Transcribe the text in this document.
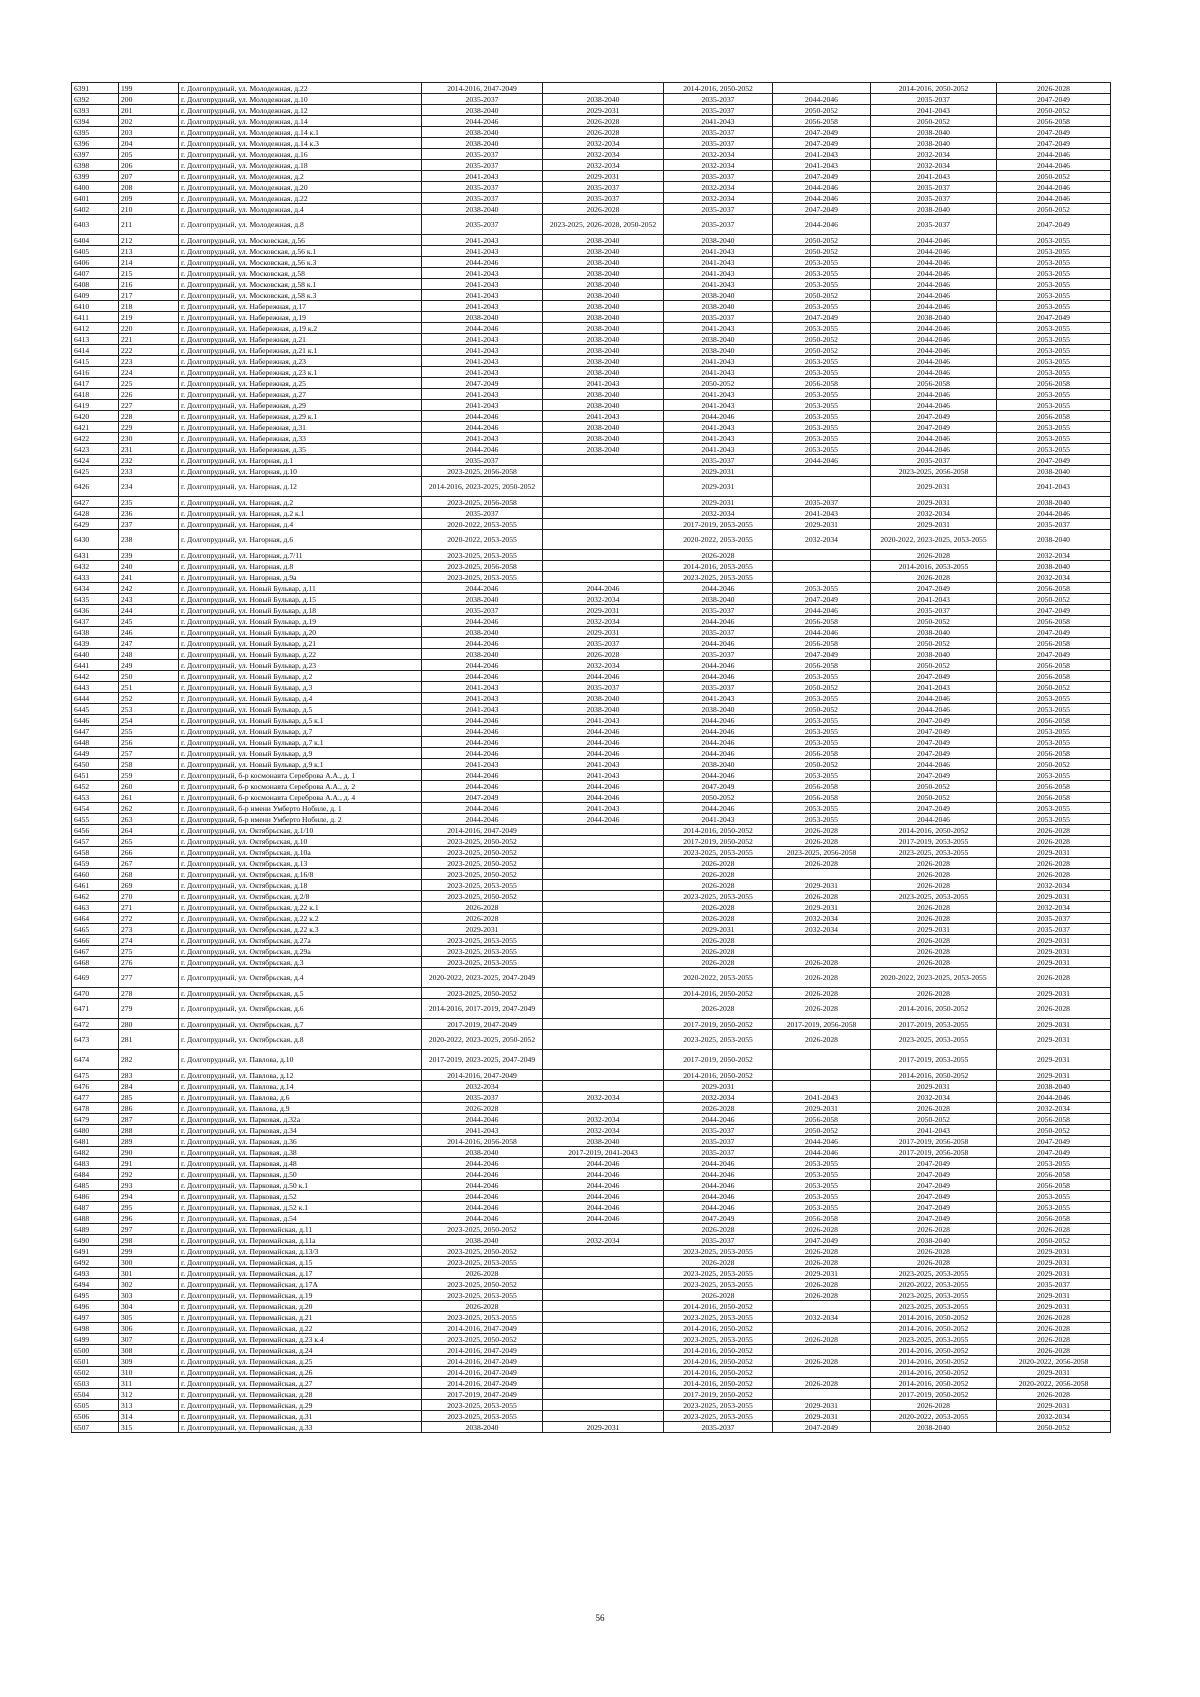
6391	199	г. Долгопрудный, ул. Молодежная, д.22	2014-2016, 2047-2049		2014-2016, 2050-2052		2014-2016, 2050-2052	2026-2028
6392	200	г. Долгопрудный, ул. Молодежная, д.10	2035-2037	2038-2040	2035-2037	2044-2046	2035-2037	2047-2049
6393	201	г. Долгопрудный, ул. Молодежная, д.12	2038-2040	2029-2031	2035-2037	2050-2052	2041-2043	2050-2052
6394	202	г. Долгопрудный, ул. Молодежная, д.14	2044-2046	2026-2028	2041-2043	2056-2058	2050-2052	2056-2058
6395	203	г. Долгопрудный, ул. Молодежная, д.14 к.1	2038-2040	2026-2028	2035-2037	2047-2049	2038-2040	2047-2049
6396	204	г. Долгопрудный, ул. Молодежная, д.14 к.3	2038-2040	2032-2034	2035-2037	2047-2049	2038-2040	2047-2049
6397	205	г. Долгопрудный, ул. Молодежная, д.16	2035-2037	2032-2034	2032-2034	2041-2043	2032-2034	2044-2046
6398	206	г. Долгопрудный, ул. Молодежная, д.18	2035-2037	2032-2034	2032-2034	2041-2043	2032-2034	2044-2046
6399	207	г. Долгопрудный, ул. Молодежная, д.2	2041-2043	2029-2031	2035-2037	2047-2049	2041-2043	2050-2052
6400	208	г. Долгопрудный, ул. Молодежная, д.20	2035-2037	2035-2037	2032-2034	2044-2046	2035-2037	2044-2046
6401	209	г. Долгопрудный, ул. Молодежная, д.22	2035-2037	2035-2037	2032-2034	2044-2046	2035-2037	2044-2046
6402	210	г. Долгопрудный, ул. Молодежная, д.4	2038-2040	2026-2028	2035-2037	2047-2049	2038-2040	2050-2052
6403	211	г. Долгопрудный, ул. Молодежная, д.8	2035-2037	2023-2025, 2026-2028, 2050-2052	2035-2037	2044-2046	2035-2037	2047-2049
6404	212	г. Долгопрудный, ул. Московская, д.56	2041-2043	2038-2040	2038-2040	2050-2052	2044-2046	2053-2055
6405	213	г. Долгопрудный, ул. Московская, д.56 к.1	2041-2043	2038-2040	2041-2043	2050-2052	2044-2046	2053-2055
6406	214	г. Долгопрудный, ул. Московская, д.56 к.3	2044-2046	2038-2040	2041-2043	2053-2055	2044-2046	2053-2055
6407	215	г. Долгопрудный, ул. Московская, д.58	2041-2043	2038-2040	2041-2043	2053-2055	2044-2046	2053-2055
6408	216	г. Долгопрудный, ул. Московская, д.58 к.1	2041-2043	2038-2040	2041-2043	2053-2055	2044-2046	2053-2055
6409	217	г. Долгопрудный, ул. Московская, д.58 к.3	2041-2043	2038-2040	2038-2040	2050-2052	2044-2046	2053-2055
6410	218	г. Долгопрудный, ул. Набережная, д.17	2041-2043	2038-2040	2038-2040	2053-2055	2044-2046	2053-2055
6411	219	г. Долгопрудный, ул. Набережная, д.19	2038-2040	2038-2040	2035-2037	2047-2049	2038-2040	2047-2049
6412	220	г. Долгопрудный, ул. Набережная, д.19 к.2	2044-2046	2038-2040	2041-2043	2053-2055	2044-2046	2053-2055
6413	221	г. Долгопрудный, ул. Набережная, д.21	2041-2043	2038-2040	2038-2040	2050-2052	2044-2046	2053-2055
6414	222	г. Долгопрудный, ул. Набережная, д.21 к.1	2041-2043	2038-2040	2038-2040	2050-2052	2044-2046	2053-2055
6415	223	г. Долгопрудный, ул. Набережная, д.23	2041-2043	2038-2040	2041-2043	2053-2055	2044-2046	2053-2055
6416	224	г. Долгопрудный, ул. Набережная, д.23 к.1	2041-2043	2038-2040	2041-2043	2053-2055	2044-2046	2053-2055
6417	225	г. Долгопрудный, ул. Набережная, д.25	2047-2049	2041-2043	2050-2052	2056-2058	2056-2058	2056-2058
6418	226	г. Долгопрудный, ул. Набережная, д.27	2041-2043	2038-2040	2041-2043	2053-2055	2044-2046	2053-2055
6419	227	г. Долгопрудный, ул. Набережная, д.29	2041-2043	2038-2040	2041-2043	2053-2055	2044-2046	2053-2055
6420	228	г. Долгопрудный, ул. Набережная, д.29 к.1	2044-2046	2041-2043	2044-2046	2053-2055	2047-2049	2056-2058
6421	229	г. Долгопрудный, ул. Набережная, д.31	2044-2046	2038-2040	2041-2043	2053-2055	2047-2049	2053-2055
6422	230	г. Долгопрудный, ул. Набережная, д.33	2041-2043	2038-2040	2041-2043	2053-2055	2044-2046	2053-2055
6423	231	г. Долгопрудный, ул. Набережная, д.35	2044-2046	2038-2040	2041-2043	2053-2055	2044-2046	2053-2055
6424	232	г. Долгопрудный, ул. Нагорная, д.1	2035-2037		2035-2037	2044-2046	2035-2037	2047-2049
6425	233	г. Долгопрудный, ул. Нагорная, д.10	2023-2025, 2056-2058		2029-2031		2023-2025, 2056-2058	2038-2040
6426	234	г. Долгопрудный, ул. Нагорная, д.12	2014-2016, 2023-2025, 2050-2052		2029-2031		2029-2031	2041-2043
6427	235	г. Долгопрудный, ул. Нагорная, д.2	2023-2025, 2056-2058		2029-2031	2035-2037	2029-2031	2038-2040
6428	236	г. Долгопрудный, ул. Нагорная, д.2 к.1	2035-2037		2032-2034	2041-2043	2032-2034	2044-2046
6429	237	г. Долгопрудный, ул. Нагорная, д.4	2020-2022, 2053-2055		2017-2019, 2053-2055	2029-2031	2029-2031	2035-2037
6430	238	г. Долгопрудный, ул. Нагорная, д.6	2020-2022, 2053-2055		2020-2022, 2053-2055	2032-2034	2020-2022, 2023-2025, 2053-2055	2038-2040
6431	239	г. Долгопрудный, ул. Нагорная, д.7/11	2023-2025, 2053-2055		2026-2028		2026-2028	2032-2034
6432	240	г. Долгопрудный, ул. Нагорная, д.8	2023-2025, 2056-2058		2014-2016, 2053-2055		2014-2016, 2053-2055	2038-2040
6433	241	г. Долгопрудный, ул. Нагорная, д.9а	2023-2025, 2053-2055		2023-2025, 2053-2055		2026-2028	2032-2034
6434	242	г. Долгопрудный, ул. Новый Бульвар, д.11	2044-2046	2044-2046	2044-2046	2053-2055	2047-2049	2056-2058
6435	243	г. Долгопрудный, ул. Новый Бульвар, д.15	2038-2040	2032-2034	2038-2040	2047-2049	2041-2043	2050-2052
6436	244	г. Долгопрудный, ул. Новый Бульвар, д.18	2035-2037	2029-2031	2035-2037	2044-2046	2035-2037	2047-2049
6437	245	г. Долгопрудный, ул. Новый Бульвар, д.19	2044-2046	2032-2034	2044-2046	2056-2058	2050-2052	2056-2058
6438	246	г. Долгопрудный, ул. Новый Бульвар, д.20	2038-2040	2029-2031	2035-2037	2044-2046	2038-2040	2047-2049
6439	247	г. Долгопрудный, ул. Новый Бульвар, д.21	2044-2046	2035-2037	2044-2046	2056-2058	2050-2052	2056-2058
6440	248	г. Долгопрудный, ул. Новый Бульвар, д.22	2038-2040	2026-2028	2035-2037	2047-2049	2038-2040	2047-2049
6441	249	г. Долгопрудный, ул. Новый Бульвар, д.23	2044-2046	2032-2034	2044-2046	2056-2058	2050-2052	2056-2058
6442	250	г. Долгопрудный, ул. Новый Бульвар, д.2	2044-2046	2044-2046	2044-2046	2053-2055	2047-2049	2056-2058
6443	251	г. Долгопрудный, ул. Новый Бульвар, д.3	2041-2043	2035-2037	2035-2037	2050-2052	2041-2043	2050-2052
6444	252	г. Долгопрудный, ул. Новый Бульвар, д.4	2041-2043	2038-2040	2041-2043	2053-2055	2044-2046	2053-2055
6445	253	г. Долгопрудный, ул. Новый Бульвар, д.5	2041-2043	2038-2040	2038-2040	2050-2052	2044-2046	2053-2055
6446	254	г. Долгопрудный, ул. Новый Бульвар, д.5 к.1	2044-2046	2041-2043	2044-2046	2053-2055	2047-2049	2056-2058
6447	255	г. Долгопрудный, ул. Новый Бульвар, д.7	2044-2046	2044-2046	2044-2046	2053-2055	2047-2049	2053-2055
6448	256	г. Долгопрудный, ул. Новый Бульвар, д.7 к.1	2044-2046	2044-2046	2044-2046	2053-2055	2047-2049	2053-2055
6449	257	г. Долгопрудный, ул. Новый Бульвар, д.9	2044-2046	2044-2046	2044-2046	2056-2058	2047-2049	2056-2058
6450	258	г. Долгопрудный, ул. Новый Бульвар, д.9 к.1	2041-2043	2041-2043	2038-2040	2050-2052	2044-2046	2050-2052
6451	259	г. Долгопрудный, б-р космонавта Сереброва А.А., д. 1	2044-2046	2041-2043	2044-2046	2053-2055	2047-2049	2053-2055
6452	260	г. Долгопрудный, б-р космонавта Сереброва А.А., д. 2	2044-2046	2044-2046	2047-2049	2056-2058	2050-2052	2056-2058
6453	261	г. Долгопрудный, б-р космонавта Сереброва А.А., д. 4	2047-2049	2044-2046	2050-2052	2056-2058	2050-2052	2056-2058
6454	262	г. Долгопрудный, б-р имени Умберто Нобиле, д. 1	2044-2046	2041-2043	2044-2046	2053-2055	2047-2049	2053-2055
6455	263	г. Долгопрудный, б-р имени Умберто Нобиле, д. 2	2044-2046	2044-2046	2041-2043	2053-2055	2044-2046	2053-2055
6456	264	г. Долгопрудный, ул. Октябрьская, д.1/10	2014-2016, 2047-2049		2014-2016, 2050-2052	2026-2028	2014-2016, 2050-2052	2026-2028
6457	265	г. Долгопрудный, ул. Октябрьская, д.10	2023-2025, 2050-2052		2017-2019, 2050-2052	2026-2028	2017-2019, 2053-2055	2026-2028
6458	266	г. Долгопрудный, ул. Октябрьская, д.10а	2023-2025, 2050-2052		2023-2025, 2053-2055	2023-2025, 2056-2058	2023-2025, 2053-2055	2029-2031
6459	267	г. Долгопрудный, ул. Октябрьская, д.13	2023-2025, 2050-2052		2026-2028	2026-2028	2026-2028	2026-2028
6460	268	г. Долгопрудный, ул. Октябрьская, д.16/8	2023-2025, 2050-2052		2026-2028		2026-2028	2026-2028
6461	269	г. Долгопрудный, ул. Октябрьская, д.18	2023-2025, 2053-2055		2026-2028	2029-2031	2026-2028	2032-2034
6462	270	г. Долгопрудный, ул. Октябрьская, д.2/8	2023-2025, 2050-2052		2023-2025, 2053-2055	2026-2028	2023-2025, 2053-2055	2029-2031
6463	271	г. Долгопрудный, ул. Октябрьская, д.22 к.1	2026-2028		2026-2028	2029-2031	2026-2028	2032-2034
6464	272	г. Долгопрудный, ул. Октябрьская, д.22 к.2	2026-2028		2026-2028	2032-2034	2026-2028	2035-2037
6465	273	г. Долгопрудный, ул. Октябрьская, д.22 к.3	2029-2031		2029-2031	2032-2034	2029-2031	2035-2037
6466	274	г. Долгопрудный, ул. Октябрьская, д.27а	2023-2025, 2053-2055		2026-2028		2026-2028	2029-2031
6467	275	г. Долгопрудный, ул. Октябрьская, д.29а	2023-2025, 2053-2055		2026-2028		2026-2028	2029-2031
6468	276	г. Долгопрудный, ул. Октябрьская, д.3	2023-2025, 2053-2055		2026-2028	2026-2028	2026-2028	2029-2031
6469	277	г. Долгопрудный, ул. Октябрьская, д.4	2020-2022, 2023-2025, 2047-2049		2020-2022, 2053-2055	2026-2028	2020-2022, 2023-2025, 2053-2055	2026-2028
6470	278	г. Долгопрудный, ул. Октябрьская, д.5	2023-2025, 2050-2052		2014-2016, 2050-2052	2026-2028	2026-2028	2029-2031
6471	279	г. Долгопрудный, ул. Октябрьская, д.6	2014-2016, 2017-2019, 2047-2049		2026-2028	2026-2028	2014-2016, 2050-2052	2026-2028
6472	280	г. Долгопрудный, ул. Октябрьская, д.7	2017-2019, 2047-2049		2017-2019, 2050-2052	2017-2019, 2056-2058	2017-2019, 2053-2055	2029-2031
6473	281	г. Долгопрудный, ул. Октябрьская, д.8	2020-2022, 2023-2025, 2050-2052		2023-2025, 2053-2055	2026-2028	2023-2025, 2053-2055	2029-2031
6474	282	г. Долгопрудный, ул. Павлова, д.10	2017-2019, 2023-2025, 2047-2049		2017-2019, 2050-2052		2017-2019, 2053-2055	2029-2031
6475	283	г. Долгопрудный, ул. Павлова, д.12	2014-2016, 2047-2049		2014-2016, 2050-2052		2014-2016, 2050-2052	2029-2031
6476	284	г. Долгопрудный, ул. Павлова, д.14	2032-2034		2029-2031		2029-2031	2038-2040
6477	285	г. Долгопрудный, ул. Павлова, д.6	2035-2037	2032-2034	2032-2034	2041-2043	2032-2034	2044-2046
6478	286	г. Долгопрудный, ул. Павлова, д.9	2026-2028		2026-2028	2029-2031	2026-2028	2032-2034
6479	287	г. Долгопрудный, ул. Парковая, д.32а	2044-2046	2032-2034	2044-2046	2056-2058	2050-2052	2056-2058
6480	288	г. Долгопрудный, ул. Парковая, д.34	2041-2043	2032-2034	2035-2037	2050-2052	2041-2043	2050-2052
6481	289	г. Долгопрудный, ул. Парковая, д.36	2014-2016, 2056-2058	2038-2040	2035-2037	2044-2046	2017-2019, 2056-2058	2047-2049
6482	290	г. Долгопрудный, ул. Парковая, д.38	2038-2040	2017-2019, 2041-2043	2035-2037	2044-2046	2017-2019, 2056-2058	2047-2049
6483	291	г. Долгопрудный, ул. Парковая, д.48	2044-2046	2044-2046	2044-2046	2053-2055	2047-2049	2053-2055
6484	292	г. Долгопрудный, ул. Парковая, д.50	2044-2046	2044-2046	2044-2046	2053-2055	2047-2049	2056-2058
6485	293	г. Долгопрудный, ул. Парковая, д.50 к.1	2044-2046	2044-2046	2044-2046	2053-2055	2047-2049	2056-2058
6486	294	г. Долгопрудный, ул. Парковая, д.52	2044-2046	2044-2046	2044-2046	2053-2055	2047-2049	2053-2055
6487	295	г. Долгопрудный, ул. Парковая, д.52 к.1	2044-2046	2044-2046	2044-2046	2053-2055	2047-2049	2053-2055
6488	296	г. Долгопрудный, ул. Парковая, д.54	2044-2046	2044-2046	2047-2049	2056-2058	2047-2049	2056-2058
6489	297	г. Долгопрудный, ул. Первомайская, д.11	2023-2025, 2050-2052		2026-2028	2026-2028	2026-2028	2026-2028
6490	298	г. Долгопрудный, ул. Первомайская, д.11а	2038-2040	2032-2034	2035-2037	2047-2049	2038-2040	2050-2052
6491	299	г. Долгопрудный, ул. Первомайская, д.13/3	2023-2025, 2050-2052		2023-2025, 2053-2055	2026-2028	2026-2028	2029-2031
6492	300	г. Долгопрудный, ул. Первомайская, д.15	2023-2025, 2053-2055		2026-2028	2026-2028	2026-2028	2029-2031
6493	301	г. Долгопрудный, ул. Первомайская, д.17	2026-2028		2023-2025, 2053-2055	2029-2031	2023-2025, 2053-2055	2029-2031
6494	302	г. Долгопрудный, ул. Первомайская, д.17А	2023-2025, 2050-2052		2023-2025, 2053-2055	2026-2028	2020-2022, 2053-2055	2035-2037
6495	303	г. Долгопрудный, ул. Первомайская, д.19	2023-2025, 2053-2055		2026-2028	2026-2028	2023-2025, 2053-2055	2029-2031
6496	304	г. Долгопрудный, ул. Первомайская, д.20	2026-2028		2014-2016, 2050-2052		2023-2025, 2053-2055	2029-2031
6497	305	г. Долгопрудный, ул. Первомайская, д.21	2023-2025, 2053-2055		2023-2025, 2053-2055	2032-2034	2014-2016, 2050-2052	2026-2028
6498	306	г. Долгопрудный, ул. Первомайская, д.22	2014-2016, 2047-2049		2014-2016, 2050-2052		2014-2016, 2050-2052	2026-2028
6499	307	г. Долгопрудный, ул. Первомайская, д.23 к.4	2023-2025, 2050-2052		2023-2025, 2053-2055	2026-2028	2023-2025, 2053-2055	2026-2028
6500	308	г. Долгопрудный, ул. Первомайская, д.24	2014-2016, 2047-2049		2014-2016, 2050-2052		2014-2016, 2050-2052	2026-2028
6501	309	г. Долгопрудный, ул. Первомайская, д.25	2014-2016, 2047-2049		2014-2016, 2050-2052	2026-2028	2014-2016, 2050-2052	2020-2022, 2056-2058
6502	310	г. Долгопрудный, ул. Первомайская, д.26	2014-2016, 2047-2049		2014-2016, 2050-2052		2014-2016, 2050-2052	2029-2031
6503	311	г. Долгопрудный, ул. Первомайская, д.27	2014-2016, 2047-2049		2014-2016, 2050-2052	2026-2028	2014-2016, 2050-2052	2020-2022, 2056-2058
6504	312	г. Долгопрудный, ул. Первомайская, д.28	2017-2019, 2047-2049		2017-2019, 2050-2052		2017-2019, 2050-2052	2026-2028
6505	313	г. Долгопрудный, ул. Первомайская, д.29	2023-2025, 2053-2055		2023-2025, 2053-2055	2029-2031	2026-2028	2029-2031
6506	314	г. Долгопрудный, ул. Первомайская, д.31	2023-2025, 2053-2055		2023-2025, 2053-2055	2029-2031	2020-2022, 2053-2055	2032-2034
6507	315	г. Долгопрудный, ул. Первомайская, д.33	2038-2040	2029-2031	2035-2037	2047-2049	2038-2040	2050-2052
56
